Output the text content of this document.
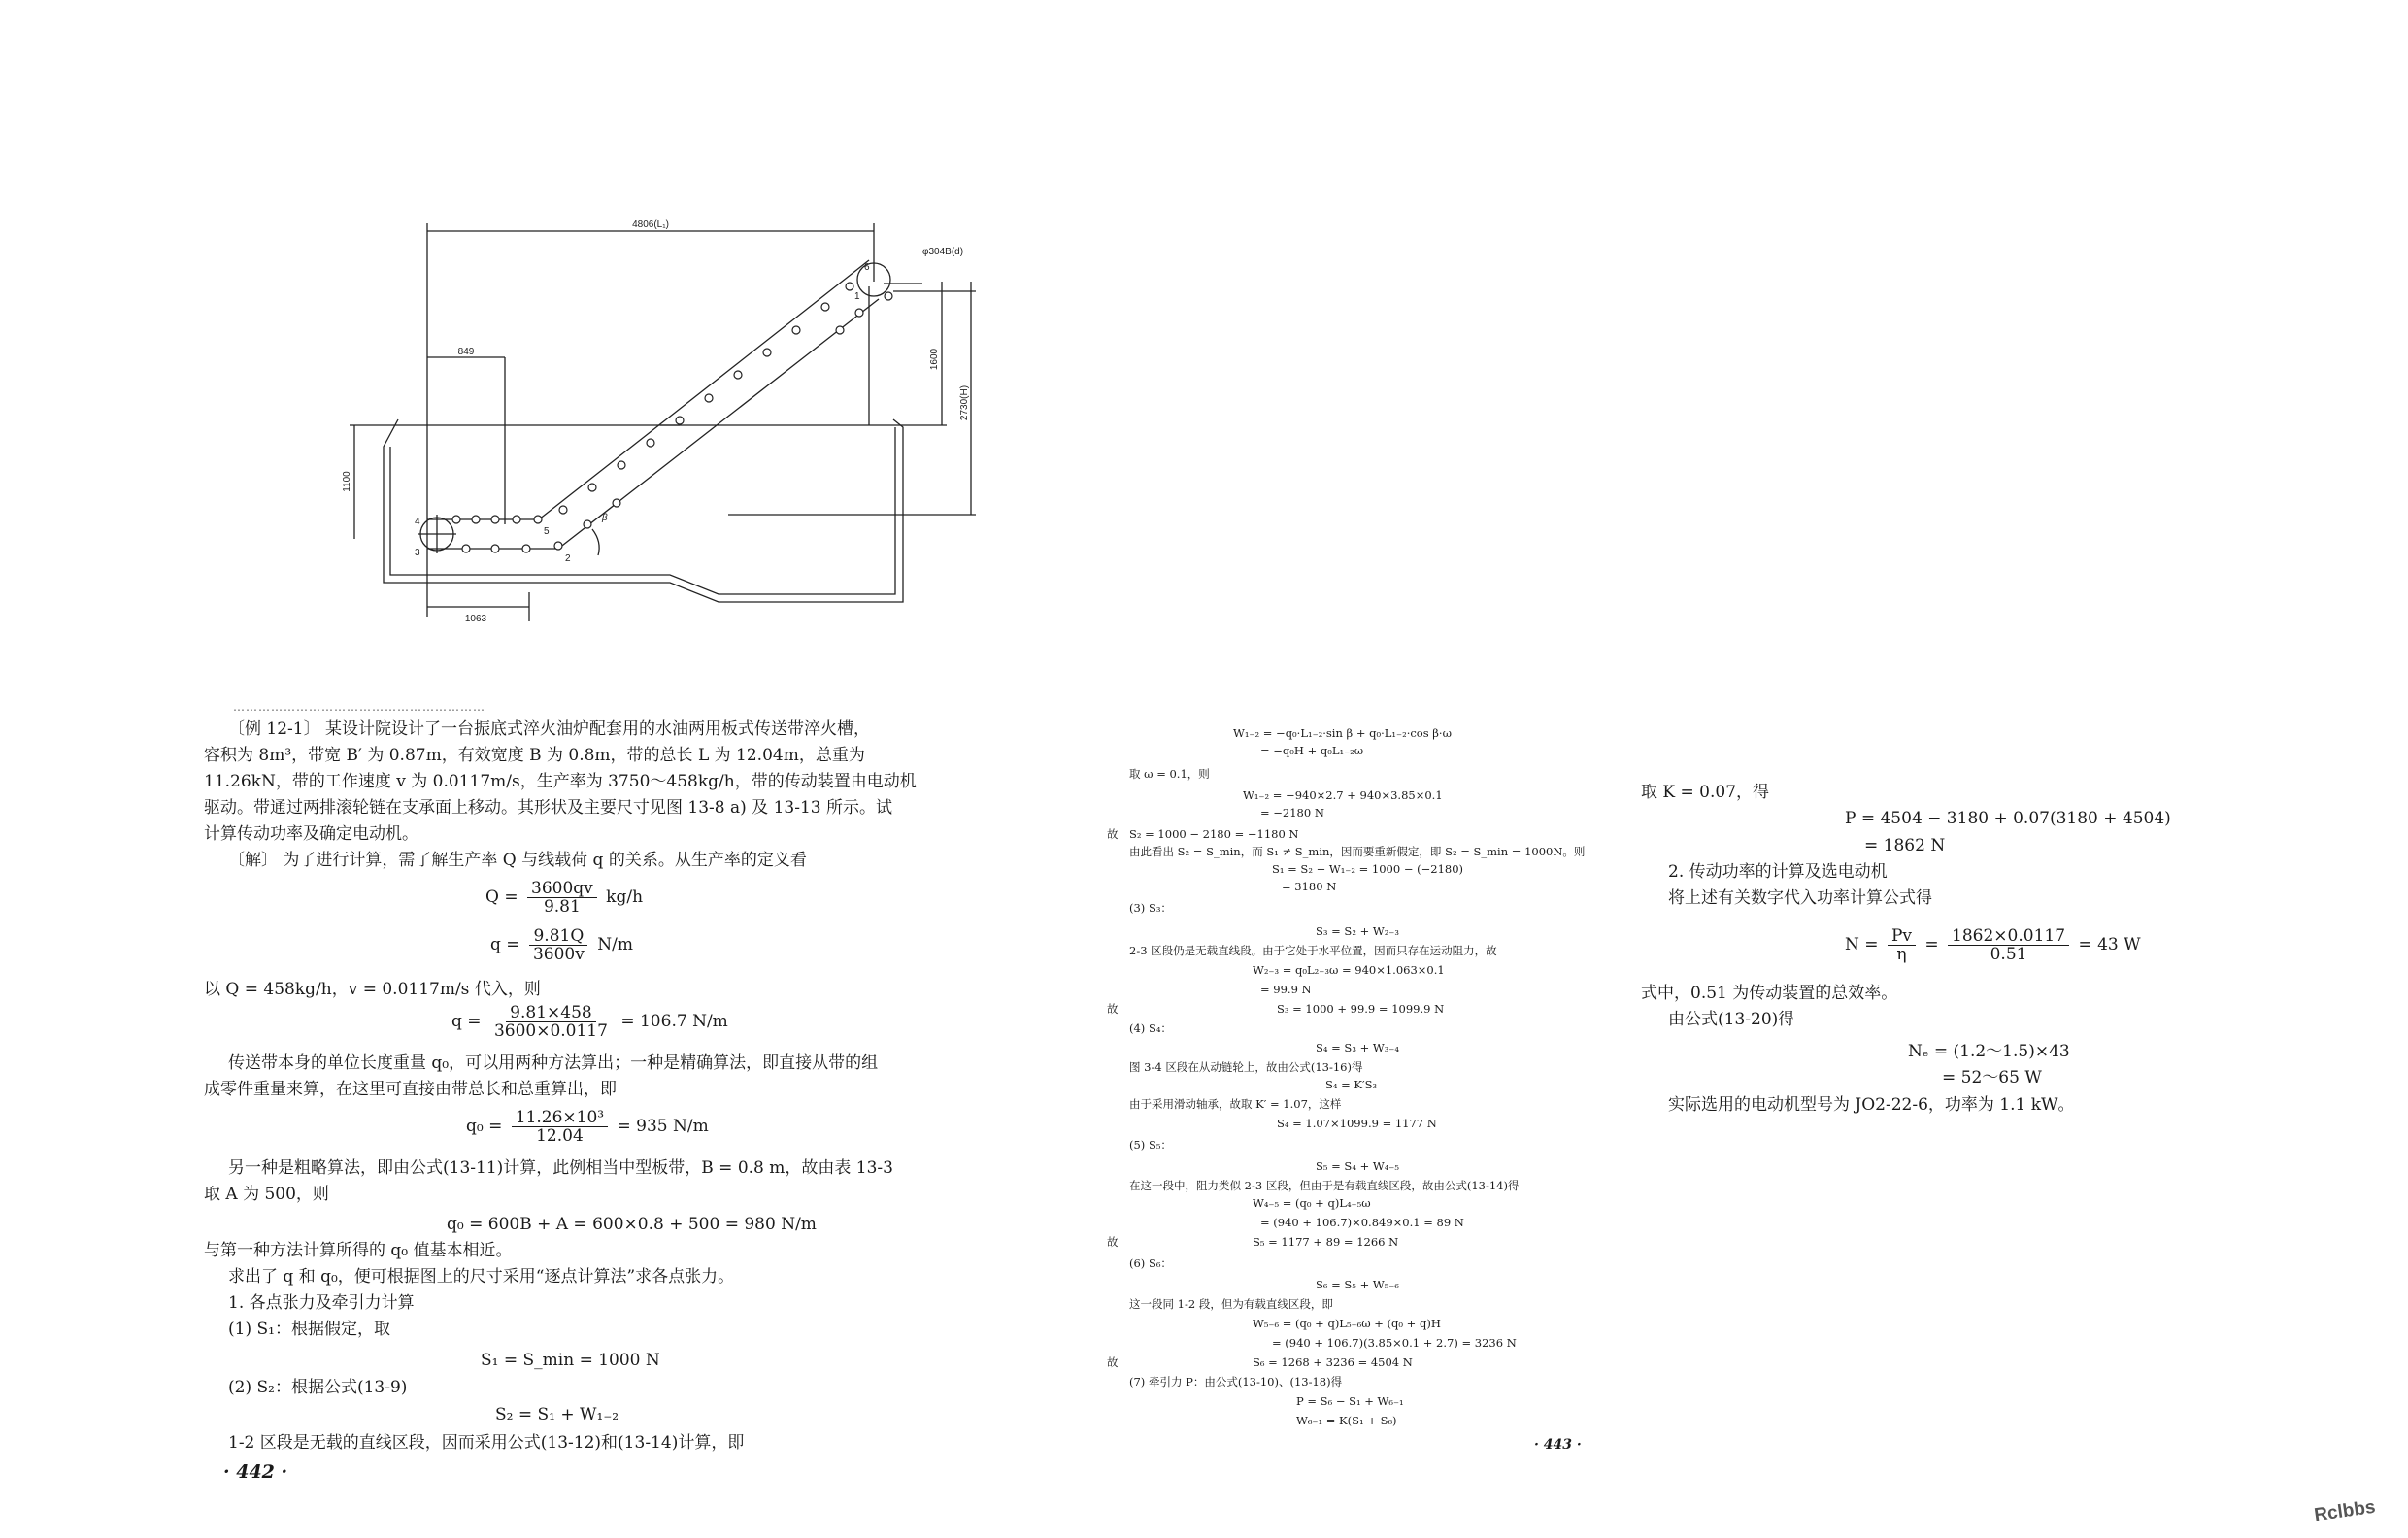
4806(L₁)
φ304B(d)
849	1600
2730(H)
1100
1063
4
3
5
2
6
1
β
……………………………………………………
〔例 12-1〕 某设计院设计了一台振底式淬火油炉配套用的水油两用板式传送带淬火槽，
容积为 8m³，带宽 B′ 为 0.87m，有效宽度 B 为 0.8m，带的总长 L 为 12.04m，总重为
11.26kN，带的工作速度 v 为 0.0117m/s，生产率为 3750～458kg/h，带的传动装置由电动机
驱动。带通过两排滚轮链在支承面上移动。其形状及主要尺寸见图 13-8 a) 及 13-13 所示。试
计算传动功率及确定电动机。
〔解〕 为了进行计算，需了解生产率 Q 与线载荷 q 的关系。从生产率的定义看
$Q = \frac{3600qv}{9.81} kg/h$
$q = \frac{9.81Q}{3600v} N/m$
以 Q = 458kg/h，v = 0.0117m/s 代入，则
$q = \frac{9.81\times 458}{3600\times 0.0117} = 106.7$ N/m
传送带本身的单位长度重量 q₀，可以用两种方法算出；一种是精确算法，即直接从带的组
成零件重量来算，在这里可直接由带总长和总重算出，即
$q_0 = \frac{\text{11.26×10³}}{12.04} = 935$ N/m
另一种是粗略算法，即由公式(13-11)计算，此例相当中型板带，B = 0.8 m，故由表 13-3
取 A 为 500，则
q₀ = 600B + A = 600×0.8 + 500 = 980 N/m
与第一种方法计算所得的 q₀ 值基本相近。
求出了 q 和 q₀，便可根据图上的尺寸采用“逐点计算法”求各点张力。
1. 各点张力及牵引力计算
(1) S₁：根据假定，取
S₁ = S_min = 1000 N
(2) S₂：根据公式(13-9)
S₂ = S₁ + W₁₋₂
1-2 区段是无载的直线区段，因而采用公式(13-12)和(13-14)计算，即
· 442 ·
W₁₋₂ = −q₀·L₁₋₂·sin β + q₀·L₁₋₂·cos β·ω
= −q₀H + q₀L₁₋₂ω
取 ω = 0.1，则
W₁₋₂ = −940×2.7 + 940×3.85×0.1
= −2180 N
故 S₂ = 1000 − 2180 = −1180 N
由此看出 S₂ = S_min，而 S₁ ≠ S_min，因而要重新假定，即 S₂ = S_min = 1000N。则
S₁ = S₂ − W₁₋₂ = 1000 − (−2180)
= 3180 N
(3) S₃：
S₃ = S₂ + W₂₋₃
2-3 区段仍是无载直线段。由于它处于水平位置，因而只存在运动阻力，故
W₂₋₃ = q₀L₂₋₃ω = 940×1.063×0.1
= 99.9 N
故	S₃ = 1000 + 99.9 = 1099.9 N
(4) S₄：
S₄ = S₃ + W₃₋₄
图 3-4 区段在从动链轮上，故由公式(13-16)得
S₄ = K′S₃
由于采用滑动轴承，故取 K′ = 1.07，这样
S₄ = 1.07×1099.9 = 1177 N
(5) S₅：
S₅ = S₄ + W₄₋₅
在这一段中，阻力类似 2-3 区段，但由于是有载直线区段，故由公式(13-14)得
W₄₋₅ = (q₀ + q)L₄₋₅ω
= (940 + 106.7)×0.849×0.1 = 89 N
故	S₅ = 1177 + 89 = 1266 N
(6) S₆：
S₆ = S₅ + W₅₋₆
这一段同 1-2 段，但为有载直线区段，即
W₅₋₆ = (q₀ + q)L₅₋₆ω + (q₀ + q)H
= (940 + 106.7)(3.85×0.1 + 2.7) = 3236 N
故	S₆ = 1268 + 3236 = 4504 N
(7) 牵引力 P：由公式(13-10)、(13-18)得
P = S₆ − S₁ + W₆₋₁
W₆₋₁ = K(S₁ + S₆)
· 443 ·
取 K = 0.07，得
P = 4504 − 3180 + 0.07(3180 + 4504)
= 1862 N
2. 传动功率的计算及选电动机
将上述有关数字代入功率计算公式得
$N = \frac{Pv}{\eta} = \frac{1862\times 0.0117}{0.51} = 43$ W
式中，0.51 为传动装置的总效率。
由公式(13-20)得
Nₑ = (1.2～1.5)×43
= 52～65 W
实际选用的电动机型号为 JO2-22-6，功率为 1.1 kW。
Rclbbs
